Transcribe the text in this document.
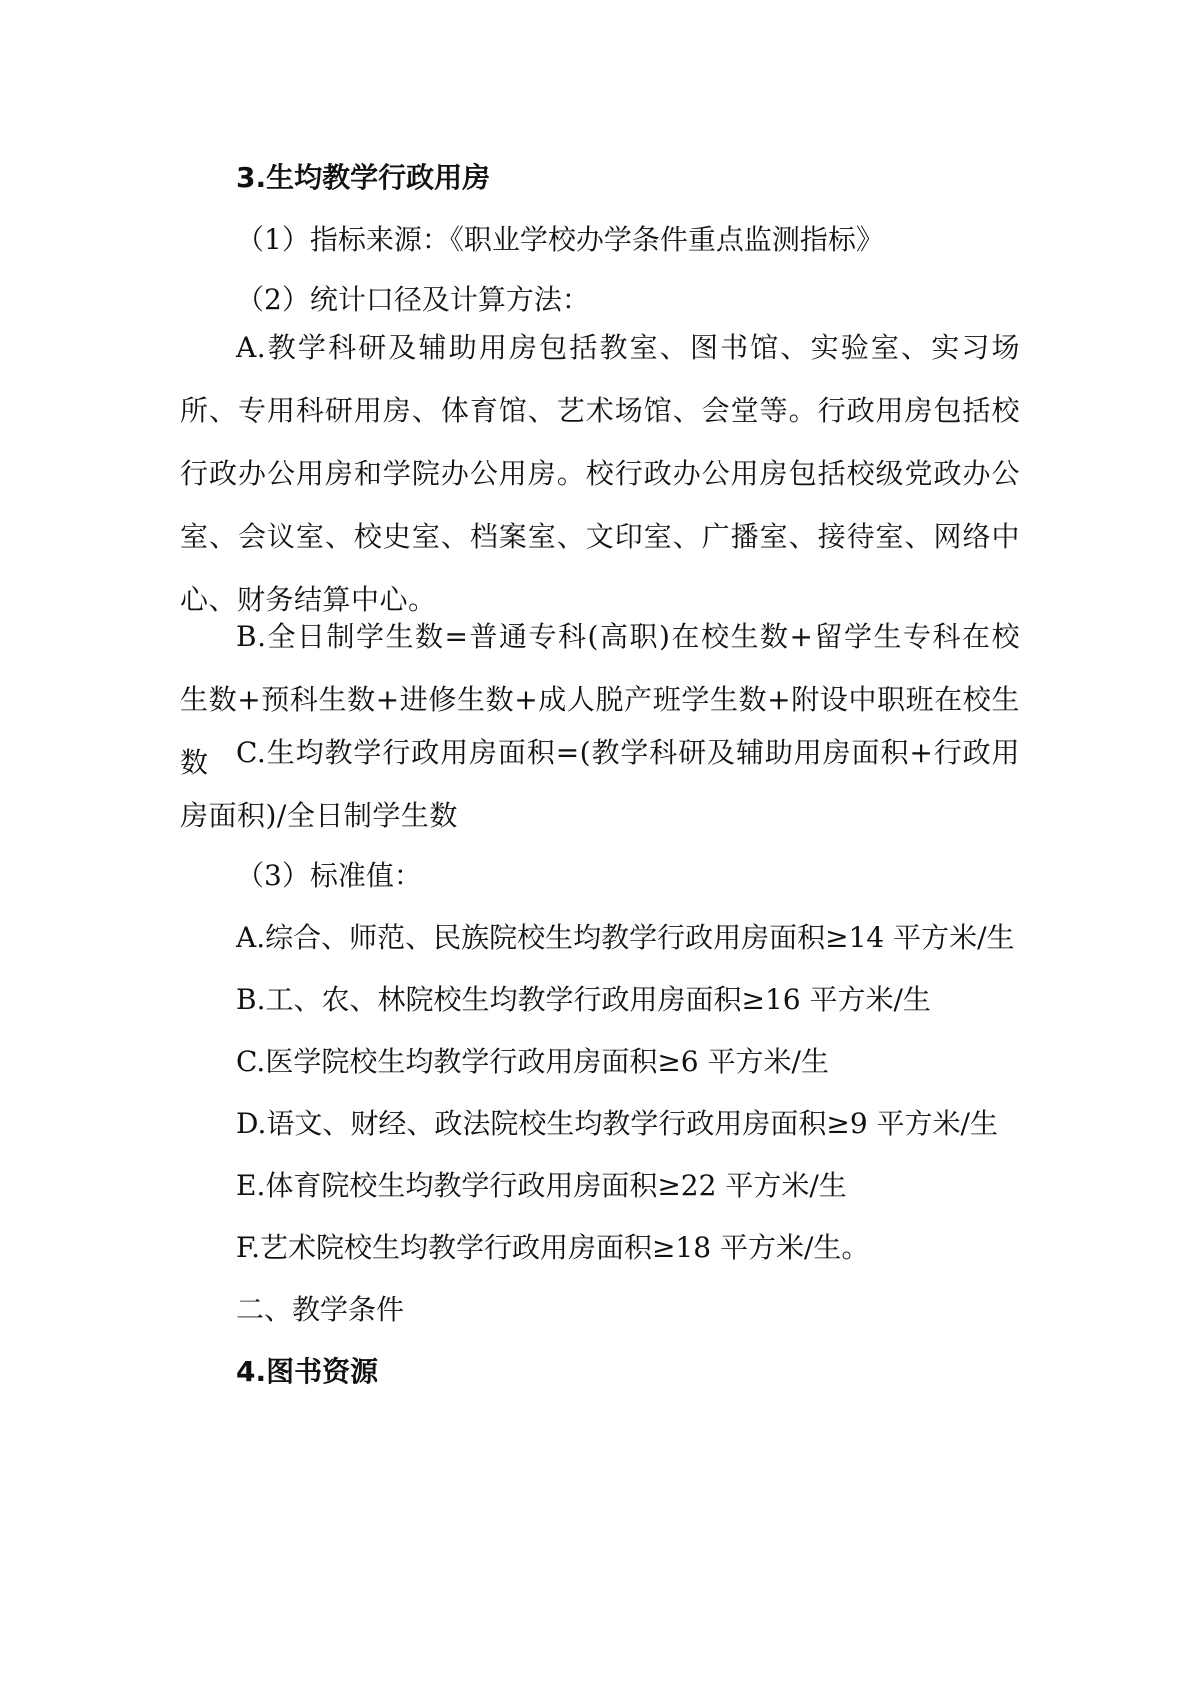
3.生均教学行政用房
（1）指标来源：《职业学校办学条件重点监测指标》
（2）统计口径及计算方法：
A.教学科研及辅助用房包括教室、图书馆、实验室、实习场所、专用科研用房、体育馆、艺术场馆、会堂等。行政用房包括校行政办公用房和学院办公用房。校行政办公用房包括校级党政办公室、会议室、校史室、档案室、文印室、广播室、接待室、网络中心、财务结算中心。
B.全日制学生数=普通专科(高职)在校生数+留学生专科在校生数+预科生数+进修生数+成人脱产班学生数+附设中职班在校生数 C.生均教学行政用房面积=(教学科研及辅助用房面积+行政用房面积)/全日制学生数
（3）标准值：
A.综合、师范、民族院校生均教学行政用房面积≥14 平方米/生
B.工、农、林院校生均教学行政用房面积≥16 平方米/生
C.医学院校生均教学行政用房面积≥6 平方米/生
D.语文、财经、政法院校生均教学行政用房面积≥9 平方米/生
E.体育院校生均教学行政用房面积≥22 平方米/生
F.艺术院校生均教学行政用房面积≥18 平方米/生。
二、教学条件
4.图书资源
